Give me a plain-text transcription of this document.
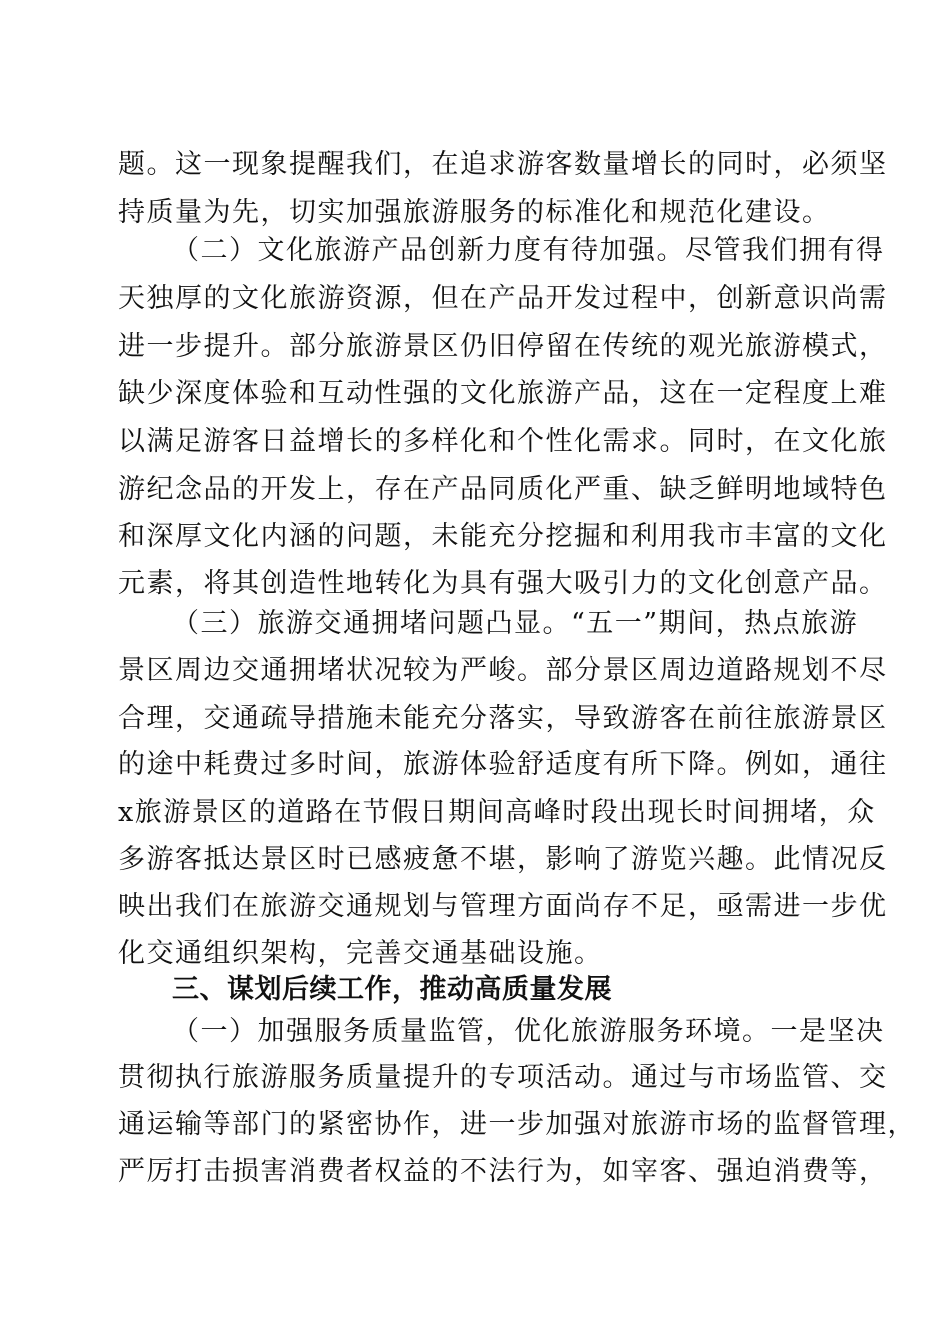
题。这一现象提醒我们，在追求游客数量增长的同时，必须坚

持质量为先，切实加强旅游服务的标准化和规范化建设。

（二）文化旅游产品创新力度有待加强。尽管我们拥有得

天独厚的文化旅游资源，但在产品开发过程中，创新意识尚需

进一步提升。部分旅游景区仍旧停留在传统的观光旅游模式，

缺少深度体验和互动性强的文化旅游产品，这在一定程度上难

以满足游客日益增长的多样化和个性化需求。同时，在文化旅

游纪念品的开发上，存在产品同质化严重、缺乏鲜明地域特色

和深厚文化内涵的问题，未能充分挖掘和利用我市丰富的文化

元素，将其创造性地转化为具有强大吸引力的文化创意产品。

（三）旅游交通拥堵问题凸显。“五一”期间，热点旅游

景区周边交通拥堵状况较为严峻。部分景区周边道路规划不尽

合理，交通疏导措施未能充分落实，导致游客在前往旅游景区

的途中耗费过多时间，旅游体验舒适度有所下降。例如，通往

x旅游景区的道路在节假日期间高峰时段出现长时间拥堵，众

多游客抵达景区时已感疲惫不堪，影响了游览兴趣。此情况反

映出我们在旅游交通规划与管理方面尚存不足，亟需进一步优

化交通组织架构，完善交通基础设施。

三、谋划后续工作，推动高质量发展

（一）加强服务质量监管，优化旅游服务环境。一是坚决

贯彻执行旅游服务质量提升的专项活动。通过与市场监管、交

通运输等部门的紧密协作，进一步加强对旅游市场的监督管理，

严厉打击损害消费者权益的不法行为，如宰客、强迫消费等，
